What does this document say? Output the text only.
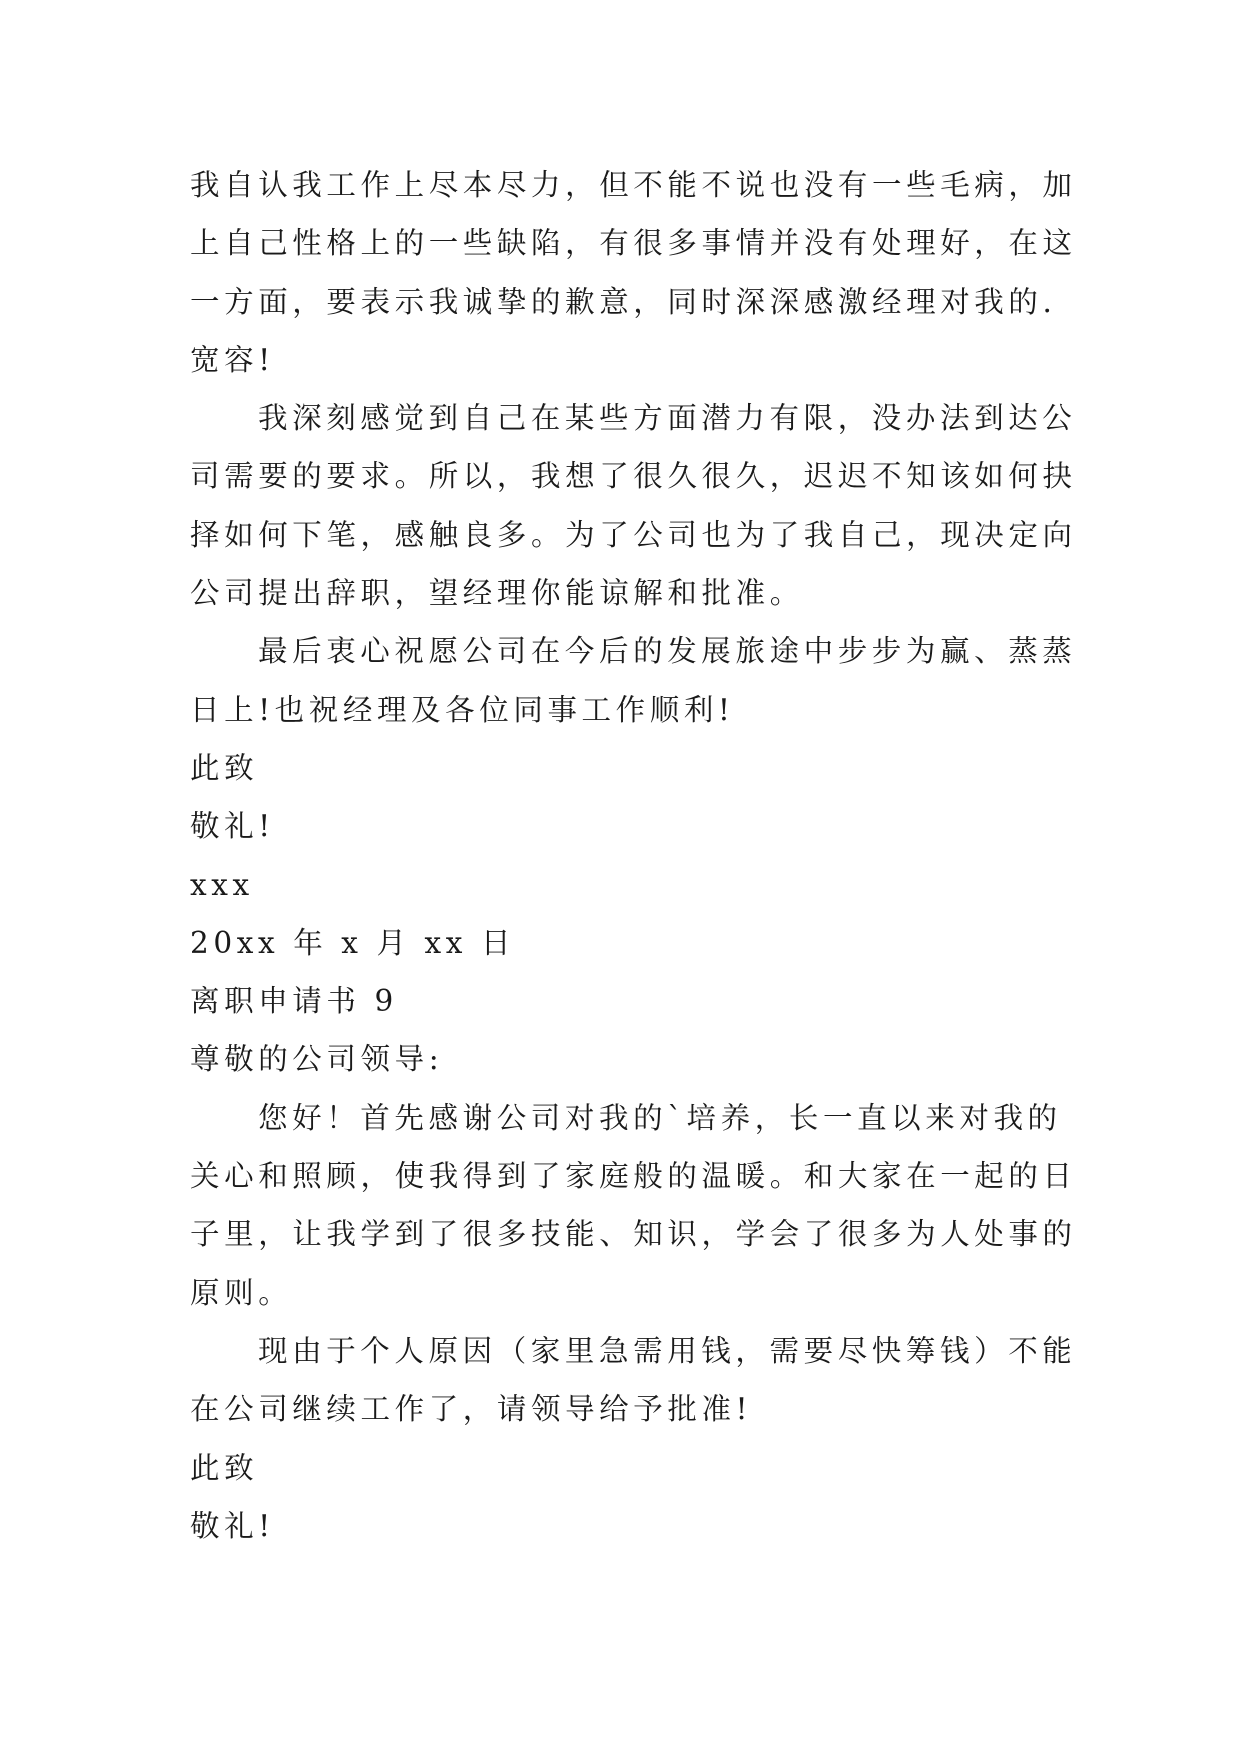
我自认我工作上尽本尽力，但不能不说也没有一些毛病，加
上自己性格上的一些缺陷，有很多事情并没有处理好，在这
一方面，要表示我诚挚的歉意，同时深深感激经理对我的.
宽容!
我深刻感觉到自己在某些方面潜力有限，没办法到达公
司需要的要求。所以，我想了很久很久，迟迟不知该如何抉
择如何下笔，感触良多。为了公司也为了我自己，现决定向
公司提出辞职，望经理你能谅解和批准。
最后衷心祝愿公司在今后的发展旅途中步步为赢、蒸蒸
日上!也祝经理及各位同事工作顺利!
此致
敬礼!
xxx
20xx 年 x 月 xx 日
离职申请书 9
尊敬的公司领导:
您好！首先感谢公司对我的`培养，长一直以来对我的
关心和照顾，使我得到了家庭般的温暖。和大家在一起的日
子里，让我学到了很多技能、知识，学会了很多为人处事的
原则。
现由于个人原因（家里急需用钱，需要尽快筹钱）不能
在公司继续工作了，请领导给予批准!
此致
敬礼!
